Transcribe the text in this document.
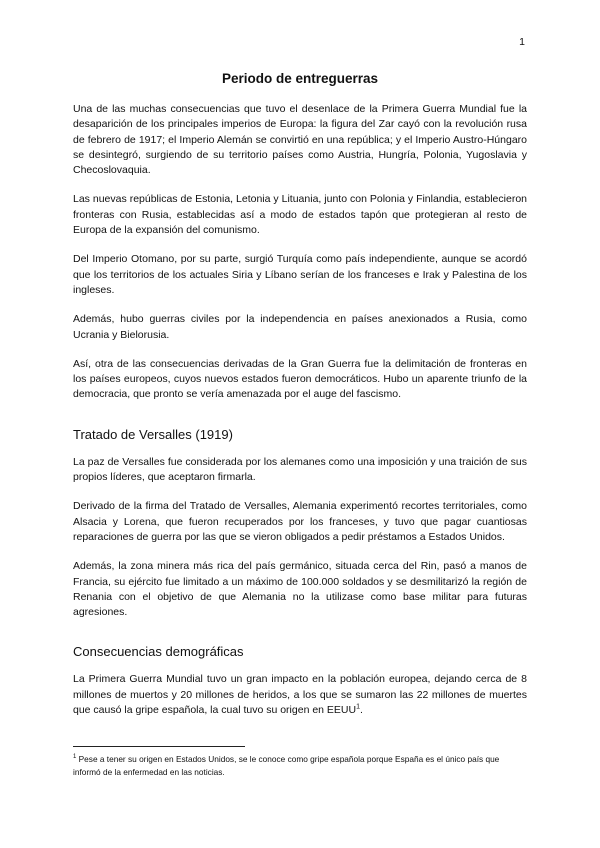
1
Periodo de entreguerras

Una de las muchas consecuencias que tuvo el desenlace de la Primera Guerra Mundial fue la desaparición de los principales imperios de Europa: la figura del Zar cayó con la revolución rusa de febrero de 1917; el Imperio Alemán se convirtió en una república; y el Imperio Austro-Húngaro se desintegró, surgiendo de su territorio países como Austria, Hungría, Polonia, Yugoslavia y Checoslovaquia.

Las nuevas repúblicas de Estonia, Letonia y Lituania, junto con Polonia y Finlandia, establecieron fronteras con Rusia, establecidas así a modo de estados tapón que protegieran al resto de Europa de la expansión del comunismo.

Del Imperio Otomano, por su parte, surgió Turquía como país independiente, aunque se acordó que los territorios de los actuales Siria y Líbano serían de los franceses e Irak y Palestina de los ingleses.

Además, hubo guerras civiles por la independencia en países anexionados a Rusia, como Ucrania y Bielorusia.

Así, otra de las consecuencias derivadas de la Gran Guerra fue la delimitación de fronteras en los países europeos, cuyos nuevos estados fueron democráticos. Hubo un aparente triunfo de la democracia, que pronto se vería amenazada por el auge del fascismo.

Tratado de Versalles (1919)

La paz de Versalles fue considerada por los alemanes como una imposición y una traición de sus propios líderes, que aceptaron firmarla.

Derivado de la firma del Tratado de Versalles, Alemania experimentó recortes territoriales, como Alsacia y Lorena, que fueron recuperados por los franceses, y tuvo que pagar cuantiosas reparaciones de guerra por las que se vieron obligados a pedir préstamos a Estados Unidos.

Además, la zona minera más rica del país germánico, situada cerca del Rin, pasó a manos de Francia, su ejército fue limitado a un máximo de 100.000 soldados y se desmilitarizó la región de Renania con el objetivo de que Alemania no la utilizase como base militar para futuras agresiones.

Consecuencias demográficas

La Primera Guerra Mundial tuvo un gran impacto en la población europea, dejando cerca de 8 millones de muertos y 20 millones de heridos, a los que se sumaron las 22 millones de muertes que causó la gripe española, la cual tuvo su origen en EEUU$^1$.

$^1$ Pese a tener su origen en Estados Unidos, se le conoce como gripe española porque España es el único país que informó de la enfermedad en las noticias.
